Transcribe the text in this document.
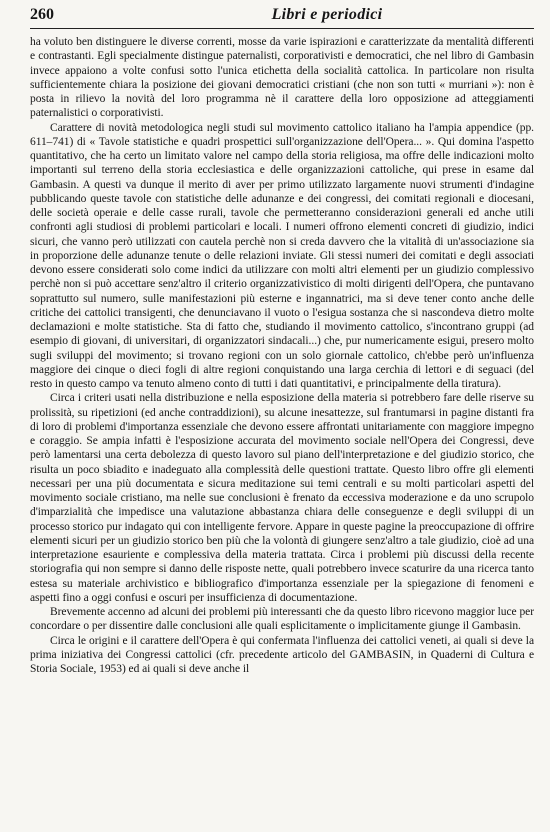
260	Libri e periodici

ha voluto ben distinguere le diverse correnti, mosse da varie ispirazioni e caratterizzate da mentalità differenti e contrastanti. Egli specialmente distingue paternalisti, corporativisti e democratici, che nel libro di Gambasin invece appaiono a volte confusi sotto l'unica etichetta della socialità cattolica. In particolare non risulta sufficientemente chiara la posizione dei giovani democratici cristiani (che non son tutti « murriani »): non è posta in rilievo la novità del loro programma nè il carattere della loro opposizione ad atteggiamenti paternalistici o corporativisti.

Carattere di novità metodologica negli studi sul movimento cattolico italiano ha l'ampia appendice (pp. 611–741) di « Tavole statistiche e quadri prospettici sull'organizzazione dell'Opera... ». Qui domina l'aspetto quantitativo, che ha certo un limitato valore nel campo della storia religiosa, ma offre delle indicazioni molto importanti sul terreno della storia ecclesiastica e delle organizzazioni cattoliche, qui prese in esame dal Gambasin. A questi va dunque il merito di aver per primo utilizzato largamente nuovi strumenti d'indagine pubblicando queste tavole con statistiche delle adunanze e dei congressi, dei comitati regionali e diocesani, delle società operaie e delle casse rurali, tavole che permetteranno considerazioni generali ed anche utili confronti agli studiosi di problemi particolari e locali. I numeri offrono elementi concreti di giudizio, indici sicuri, che vanno però utilizzati con cautela perchè non si creda davvero che la vitalità di un'associazione sia in proporzione delle adunanze tenute o delle relazioni inviate. Gli stessi numeri dei comitati e degli associati devono essere considerati solo come indici da utilizzare con molti altri elementi per un giudizio complessivo perchè non si può accettare senz'altro il criterio organizzativistico di molti dirigenti dell'Opera, che puntavano soprattutto sul numero, sulle manifestazioni più esterne e ingannatrici, ma si deve tener conto anche delle critiche dei cattolici transigenti, che denunciavano il vuoto o l'esigua sostanza che si nascondeva dietro molte declamazioni e molte statistiche. Sta di fatto che, studiando il movimento cattolico, s'incontrano gruppi (ad esempio di giovani, di universitari, di organizzatori sindacali...) che, pur numericamente esigui, presero molto sugli sviluppi del movimento; si trovano regioni con un solo giornale cattolico, ch'ebbe però un'influenza maggiore dei cinque o dieci fogli di altre regioni conquistando una larga cerchia di lettori e di seguaci (del resto in questo campo va tenuto almeno conto di tutti i dati quantitativi, e principalmente della tiratura).

Circa i criteri usati nella distribuzione e nella esposizione della materia si potrebbero fare delle riserve su prolissità, su ripetizioni (ed anche contraddizioni), su alcune inesattezze, sul frantumarsi in pagine distanti fra di loro di problemi d'importanza essenziale che devono essere affrontati unitariamente con maggiore impegno e coraggio. Se ampia infatti è l'esposizione accurata del movimento sociale nell'Opera dei Congressi, deve però lamentarsi una certa debolezza di questo lavoro sul piano dell'interpretazione e del giudizio storico, che risulta un poco sbiadito e inadeguato alla complessità delle questioni trattate. Questo libro offre gli elementi necessari per una più documentata e sicura meditazione sui temi centrali e su molti particolari aspetti del movimento sociale cristiano, ma nelle sue conclusioni è frenato da eccessiva moderazione e da uno scrupolo d'imparzialità che impedisce una valutazione abbastanza chiara delle conseguenze e degli sviluppi di un processo storico pur indagato qui con intelligente fervore. Appare in queste pagine la preoccupazione di offrire elementi sicuri per un giudizio storico ben più che la volontà di giungere senz'altro a tale giudizio, cioè ad una interpretazione esauriente e complessiva della materia trattata. Circa i problemi più discussi della recente storiografia qui non sempre si danno delle risposte nette, quali potrebbero invece scaturire da una ricerca tanto estesa su materiale archivistico e bibliografico d'importanza essenziale per la spiegazione di fenomeni e aspetti fino a oggi confusi e oscuri per insufficienza di documentazione.

Brevemente accenno ad alcuni dei problemi più interessanti che da questo libro ricevono maggior luce per concordare o per dissentire dalle conclusioni alle quali esplicitamente o implicitamente giunge il Gambasin.

Circa le origini e il carattere dell'Opera è qui confermata l'influenza dei cattolici veneti, ai quali si deve la prima iniziativa dei Congressi cattolici (cfr. precedente articolo del GAMBASIN, in Quaderni di Cultura e Storia Sociale, 1953) ed ai quali si deve anche il
